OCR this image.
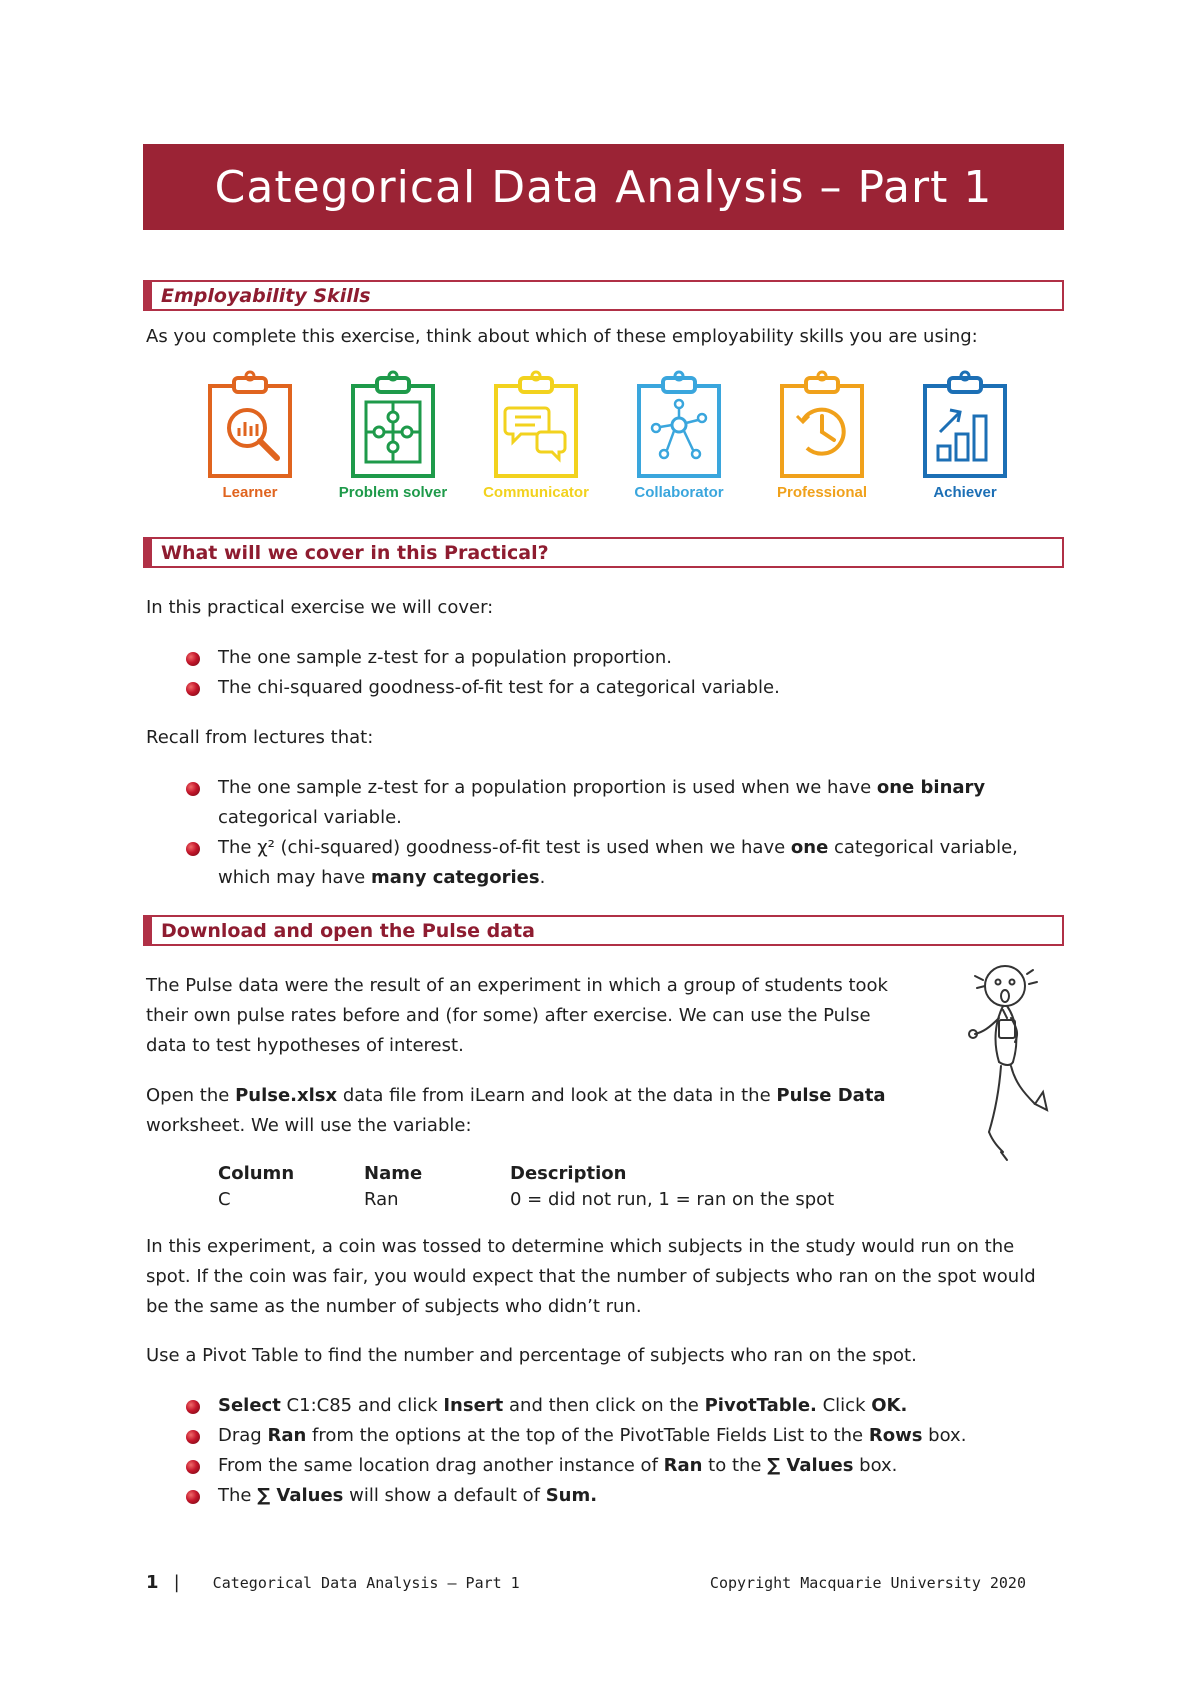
Categorical Data Analysis – Part 1
Employability Skills

As you complete this exercise, think about which of these employability skills you are using:

Learner	Problem solver	Communicator	Collaborator	Professional	Achiever
What will we cover in this Practical?

In this practical exercise we will cover:

The one sample z-test for a population proportion.
The chi-squared goodness-of-fit test for a categorical variable.

Recall from lectures that:

The one sample z-test for a population proportion is used when we have one binary categorical variable.
The χ² (chi-squared) goodness-of-fit test is used when we have one categorical variable, which may have many categories.
Download and open the Pulse data

The Pulse data were the result of an experiment in which a group of students took their own pulse rates before and (for some) after exercise. We can use the Pulse data to test hypotheses of interest.

Open the Pulse.xlsx data file from iLearn and look at the data in the Pulse Data worksheet. We will use the variable:

Column	Name	Description
C	Ran	0 = did not run, 1 = ran on the spot

In this experiment, a coin was tossed to determine which subjects in the study would run on the spot. If the coin was fair, you would expect that the number of subjects who ran on the spot would be the same as the number of subjects who didn’t run.

Use a Pivot Table to find the number and percentage of subjects who ran on the spot.

Select C1:C85 and click Insert and then click on the PivotTable. Click OK.
Drag Ran from the options at the top of the PivotTable Fields List to the Rows box.
From the same location drag another instance of Ran to the ∑ Values box.
The ∑ Values will show a default of Sum.
1 | Categorical Data Analysis – Part 1	Copyright Macquarie University 2020
